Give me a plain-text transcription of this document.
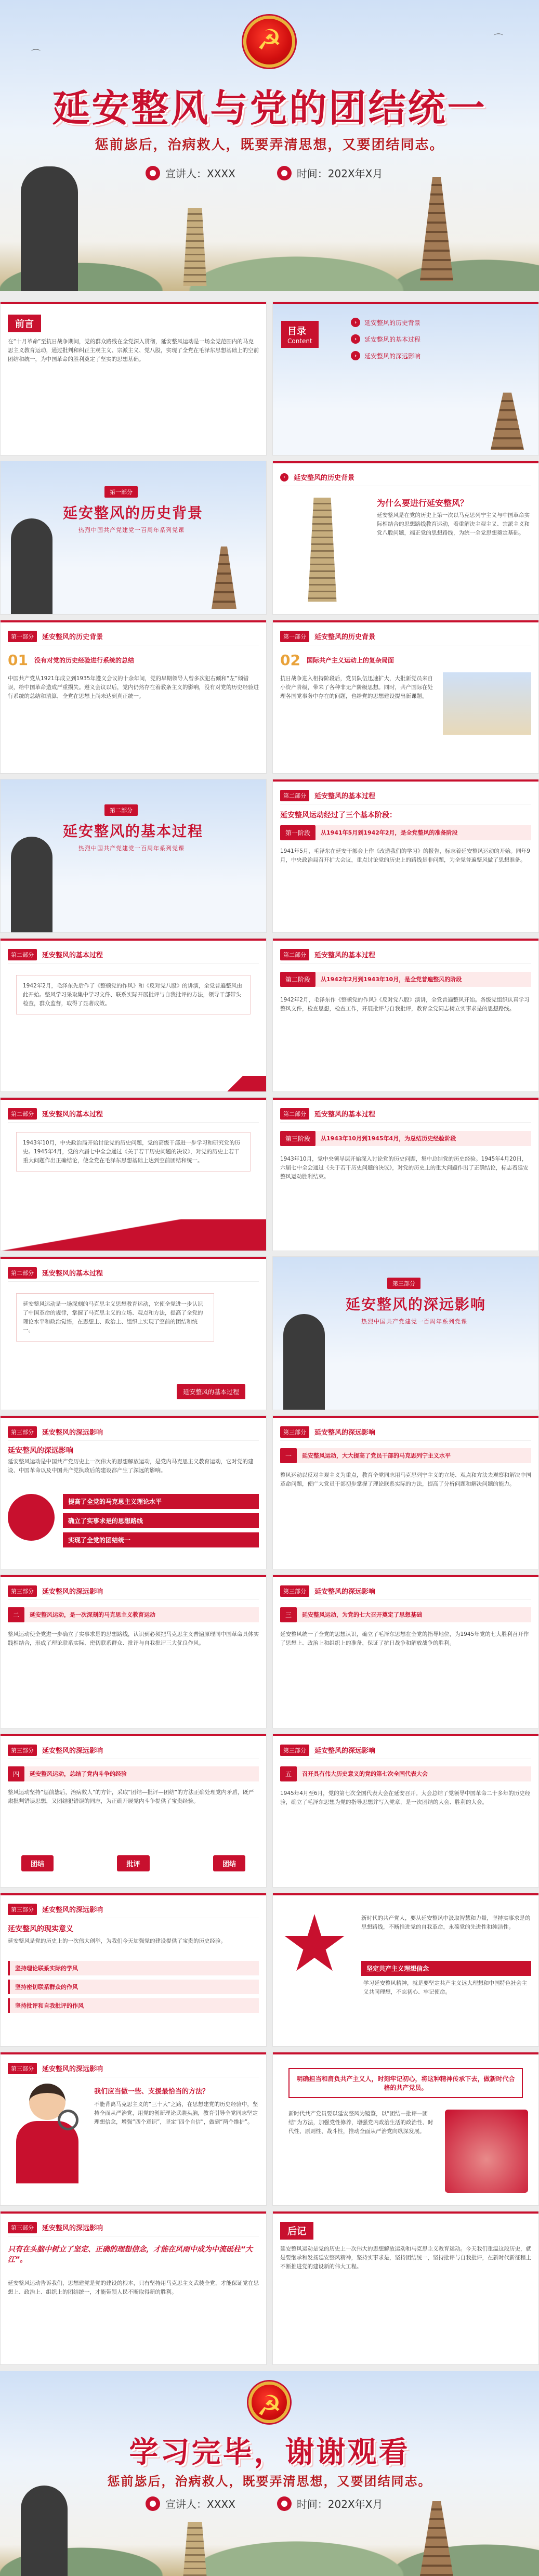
☭
延安整风与党的团结统一
惩前毖后，治病救人，既要弄清思想，又要团结同志。
宣讲人：XXXX	时间：202X年X月
⌒
⌒
前言
在“十月革命”至抗日战争期间，党的群众路线在全党深入贯彻，延安整风运动是一场全党范围内的马克思主义教育运动，通过批判和纠正主观主义、宗派主义、党八股，实现了全党在毛泽东思想基础上的空前团结和统一，为中国革命的胜利奠定了坚实的思想基础。
目录
Content
›	延安整风的历史背景
›	延安整风的基本过程
›	延安整风的深远影响
第一部分
延安整风的历史背景
热烈中国共产党建党一百周年系列党课
›	延安整风的历史背景
为什么要进行延安整风？
延安整风是在党的历史上第一次以马克思列宁主义与中国革命实际相结合的思想路线教育运动，着重解决主观主义、宗派主义和党八股问题，端正党的思想路线，为统一全党思想奠定基础。
第一部分	延安整风的历史背景
01 没有对党的历史经验进行系统的总结
中国共产党从1921年成立到1935年遵义会议的十余年间，党的早期领导人曾多次犯右倾和“左”倾错误，给中国革命造成严重损失。遵义会议以后，党内仍然存在着教条主义的影响，没有对党的历史经验进行系统的总结和清算，全党在思想上尚未达到真正统一。
第一部分	延安整风的历史背景
02 国际共产主义运动上的复杂局面
抗日战争进入相持阶段后，党员队伍迅速扩大，大批新党员来自小资产阶级，带来了各种非无产阶级思想。同时，共产国际在处理各国党事务中存在的问题，也给党的思想建设提出新课题。
第二部分
延安整风的基本过程
热烈中国共产党建党一百周年系列党课
第二部分	延安整风的基本过程
延安整风运动经过了三个基本阶段：
第一阶段	从1941年5月到1942年2月，是全党整风的准备阶段
1941年5月，毛泽东在延安干部会上作《改造我们的学习》的报告，标志着延安整风运动的开始。同年9月，中央政治局召开扩大会议，重点讨论党的历史上的路线是非问题，为全党普遍整风做了思想准备。
第二部分	延安整风的基本过程
1942年2月，毛泽东先后作了《整顿党的作风》和《反对党八股》的讲演，全党普遍整风由此开始。整风学习采取集中学习文件、联系实际开展批评与自我批评的方法，领导干部带头检查，群众监督，取得了显著成效。
第二部分	延安整风的基本过程
第二阶段	从1942年2月到1943年10月，是全党普遍整风的阶段
1942年2月，毛泽东作《整顿党的作风》《反对党八股》演讲，全党普遍整风开始。各级党组织认真学习整风文件，检查思想，检查工作，开展批评与自我批评，教育全党同志树立实事求是的思想路线。
第二部分	延安整风的基本过程
1943年10月，中央政治局开始讨论党的历史问题，党的高级干部进一步学习和研究党的历史。1945年4月，党的六届七中全会通过《关于若干历史问题的决议》，对党的历史上若干重大问题作出正确结论，使全党在毛泽东思想基础上达到空前团结和统一。
第二部分	延安整风的基本过程
第三阶段	从1943年10月到1945年4月，为总结历史经验阶段
1943年10月，党中央领导层开始深入讨论党的历史问题，集中总结党的历史经验。1945年4月20日，六届七中全会通过《关于若干历史问题的决议》，对党的历史上的重大问题作出了正确结论，标志着延安整风运动胜利结束。
第二部分	延安整风的基本过程
延安整风运动是一场深刻的马克思主义思想教育运动，它使全党进一步认识了中国革命的规律，掌握了马克思主义的立场、观点和方法，提高了全党的理论水平和政治觉悟，在思想上、政治上、组织上实现了空前的团结和统一。
延安整风的基本过程
第三部分
延安整风的深远影响
热烈中国共产党建党一百周年系列党课
第三部分	延安整风的深远影响
延安整风的深远影响
延安整风运动是中国共产党历史上一次伟大的思想解放运动，是党内马克思主义教育运动，它对党的建设、中国革命以及中国共产党执政后的建设都产生了深远的影响。
提高了全党的马克思主义理论水平
确立了实事求是的思想路线
实现了全党的团结统一
第三部分	延安整风的深远影响
一	延安整风运动，大大提高了党员干部的马克思列宁主义水平
整风运动以反对主观主义为重点，教育全党同志用马克思列宁主义的立场、观点和方法去观察和解决中国革命问题，使广大党员干部初步掌握了理论联系实际的方法，提高了分析问题和解决问题的能力。
第三部分	延安整风的深远影响
二	延安整风运动，是一次深刻的马克思主义教育运动
整风运动使全党进一步确立了实事求是的思想路线，认识到必须把马克思主义普遍原理同中国革命具体实践相结合，形成了理论联系实际、密切联系群众、批评与自我批评三大优良作风。
第三部分	延安整风的深远影响
三	延安整风运动，为党的七大召开奠定了思想基础
延安整风统一了全党的思想认识，确立了毛泽东思想在全党的指导地位，为1945年党的七大胜利召开作了思想上、政治上和组织上的准备，保证了抗日战争和解放战争的胜利。
第三部分	延安整风的深远影响
四	延安整风运动，总结了党内斗争的经验
整风运动坚持“惩前毖后，治病救人”的方针，采取“团结—批评—团结”的方法正确处理党内矛盾，既严肃批判错误思想，又团结犯错误的同志，为正确开展党内斗争提供了宝贵经验。
团结	批评	团结
第三部分	延安整风的深远影响
五	召开具有伟大历史意义的党的第七次全国代表大会
1945年4月至6月，党的第七次全国代表大会在延安召开。大会总结了党领导中国革命二十多年的历史经验，确立了毛泽东思想为党的指导思想并写入党章，是一次团结的大会、胜利的大会。
第三部分	延安整风的深远影响
延安整风的现实意义
延安整风是党的历史上的一次伟大创举，为我们今天加强党的建设提供了宝贵的历史经验。
坚持理论联系实际的学风
坚持密切联系群众的作风
坚持批评和自我批评的作风
新时代的共产党人，要从延安整风中汲取智慧和力量，坚持实事求是的思想路线，不断推进党的自我革命，永葆党的先进性和纯洁性。
坚定共产主义理想信念
学习延安整风精神，就是要坚定共产主义远大理想和中国特色社会主义共同理想，不忘初心、牢记使命。
第三部分	延安整风的深远影响
我们应当做一些、支援最恰当的方法？
不能背离马克思主义的“三十大”之路，在思想建党的历史经验中，坚持全面从严治党，用党的创新理论武装头脑，教育引导全党同志坚定理想信念，增强“四个意识”，坚定“四个自信”，做到“两个维护”。
明确担当和肩负共产主义人，时刻牢记初心，将这种精神传承下去，做新时代合格的共产党员。
新时代共产党员要以延安整风为镜鉴，以“团结—批评—团结”为方法，加强党性修养，增强党内政治生活的政治性、时代性、原则性、战斗性，推动全面从严治党向纵深发展。
第三部分	延安整风的深远影响
只有在头脑中树立了坚定、正确的理想信念，才能在风雨中成为中流砥柱“大江”。
延安整风运动告诉我们，思想建党是党的建设的根本，只有坚持用马克思主义武装全党，才能保证党在思想上、政治上、组织上的团结统一，才能带领人民不断取得新的胜利。
后记
延安整风运动是党的历史上一次伟大的思想解放运动和马克思主义教育运动。今天我们重温这段历史，就是要继承和发扬延安整风精神，坚持实事求是，坚持团结统一，坚持批评与自我批评，在新时代新征程上不断推进党的建设新的伟大工程。
☭
学习完毕，谢谢观看
惩前毖后，治病救人，既要弄清思想，又要团结同志。
宣讲人：XXXX	时间：202X年X月
